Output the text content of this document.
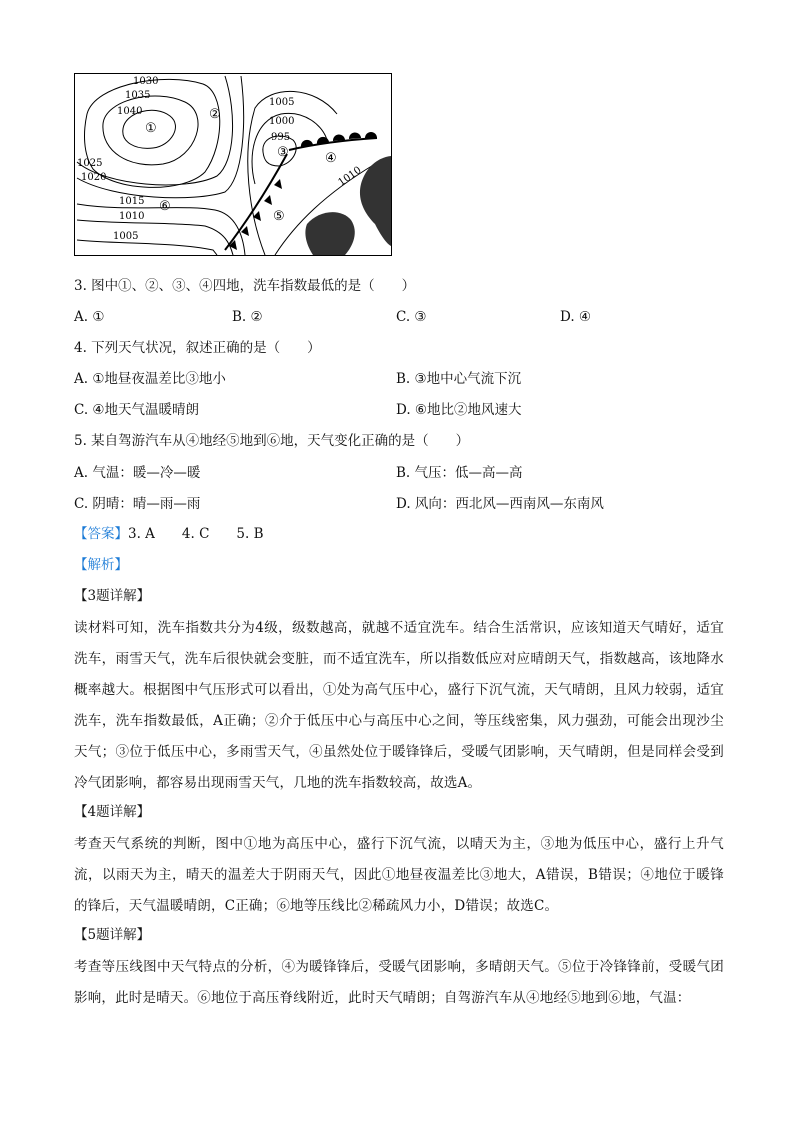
1030
1035
1040
1025
1020
1015
1010
1005
1005
1000
995
1010
①
②
③	④
⑤
⑥
3. 图中①、②、③、④四地，洗车指数最低的是（　　）
A. ①	B. ②	C. ③	D. ④
4. 下列天气状况，叙述正确的是（　　）
A. ①地昼夜温差比③地小	B. ③地中心气流下沉
C. ④地天气温暖晴朗	D. ⑥地比②地风速大
5. 某自驾游汽车从④地经⑤地到⑥地，天气变化正确的是（　　）
A. 气温：暖—冷—暖	B. 气压：低—高—高
C. 阴晴：晴—雨—雨	D. 风向：西北风—西南风—东南风
【答案】3. A　　4. C　　5. B
【解析】
【3题详解】
读材料可知，洗车指数共分为4级，级数越高，就越不适宜洗车。结合生活常识，应该知道天气晴好，适宜洗车，雨雪天气，洗车后很快就会变脏，而不适宜洗车，所以指数低应对应晴朗天气，指数越高，该地降水概率越大。根据图中气压形式可以看出，①处为高气压中心，盛行下沉气流，天气晴朗，且风力较弱，适宜洗车，洗车指数最低，A正确；②介于低压中心与高压中心之间，等压线密集，风力强劲，可能会出现沙尘天气；③位于低压中心，多雨雪天气，④虽然处位于暖锋锋后，受暖气团影响，天气晴朗，但是同样会受到冷气团影响，都容易出现雨雪天气，几地的洗车指数较高，故选A。
【4题详解】
考查天气系统的判断，图中①地为高压中心，盛行下沉气流，以晴天为主，③地为低压中心，盛行上升气流，以雨天为主，晴天的温差大于阴雨天气，因此①地昼夜温差比③地大，A错误，B错误；④地位于暖锋的锋后，天气温暖晴朗，C正确；⑥地等压线比②稀疏风力小，D错误；故选C。
【5题详解】
考查等压线图中天气特点的分析，④为暖锋锋后，受暖气团影响，多晴朗天气。⑤位于冷锋锋前，受暖气团影响，此时是晴天。⑥地位于高压脊线附近，此时天气晴朗；自驾游汽车从④地经⑤地到⑥地，气温：
